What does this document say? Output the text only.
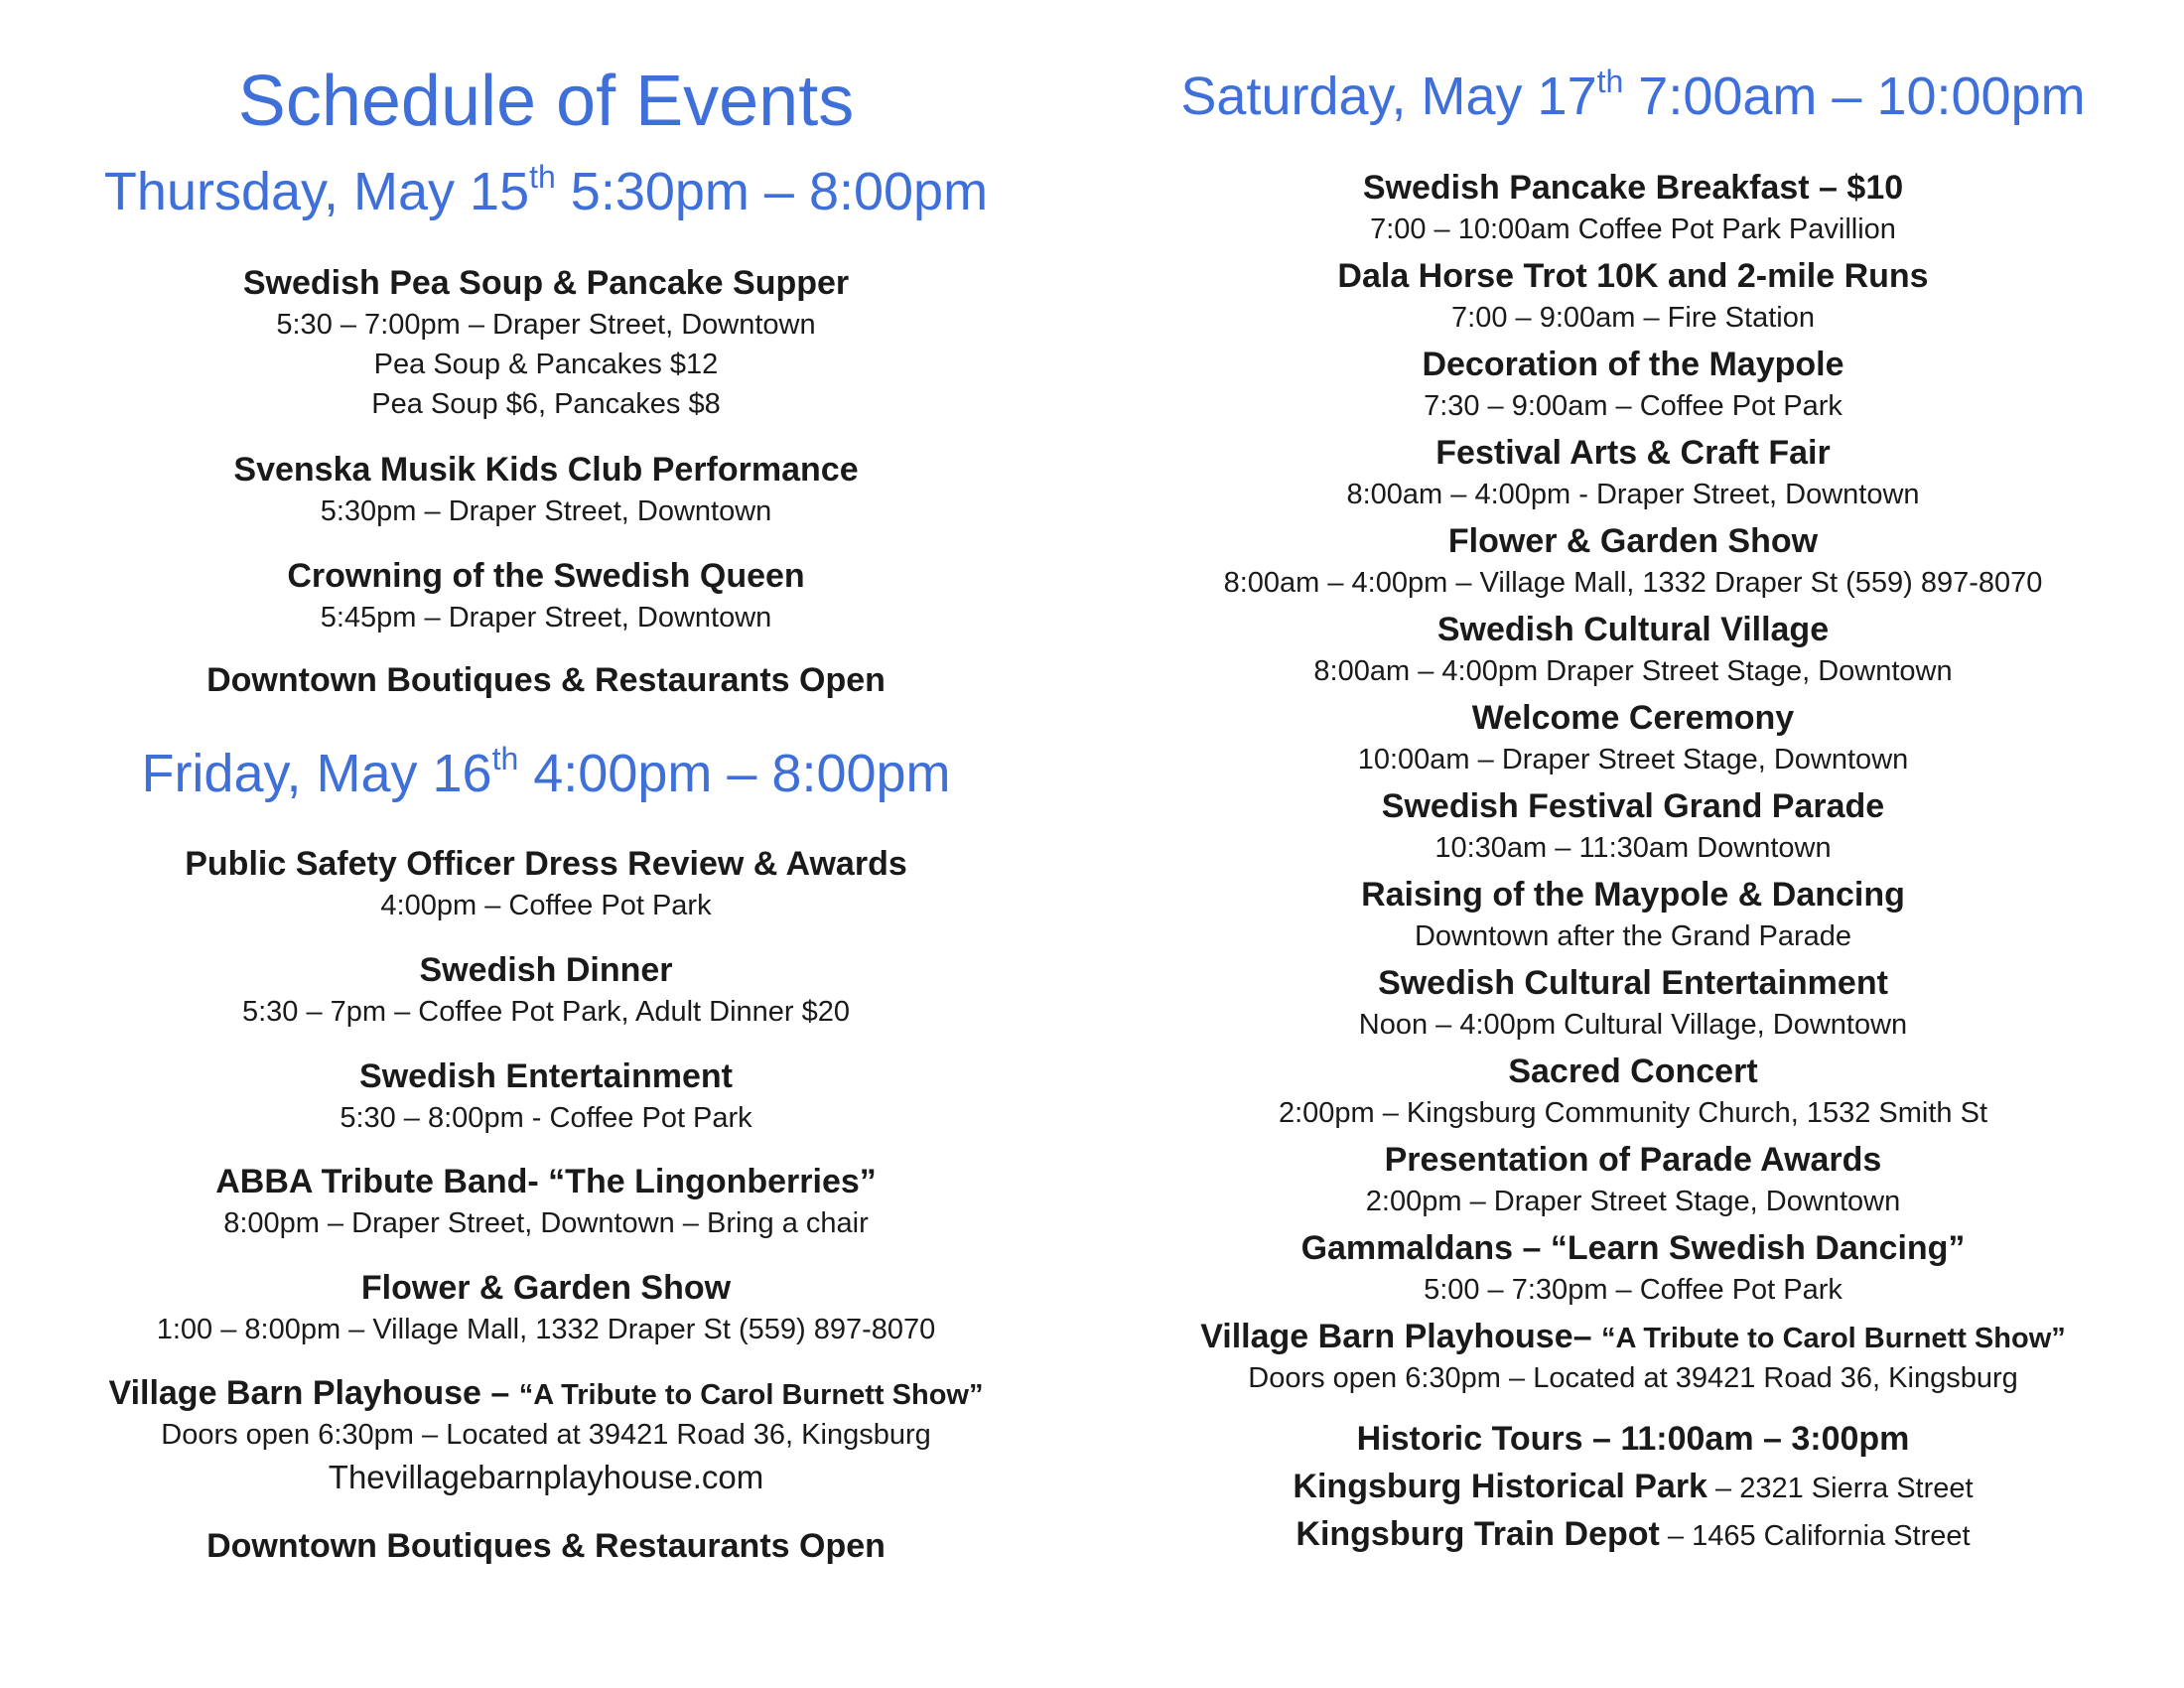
Schedule of Events
Thursday, May 15th 5:30pm – 8:00pm
Swedish Pea Soup & Pancake Supper
5:30 – 7:00pm – Draper Street, Downtown
Pea Soup & Pancakes $12
Pea Soup $6, Pancakes $8
Svenska Musik Kids Club Performance
5:30pm – Draper Street, Downtown
Crowning of the Swedish Queen
5:45pm – Draper Street, Downtown
Downtown Boutiques & Restaurants Open
Friday, May 16th 4:00pm – 8:00pm
Public Safety Officer Dress Review & Awards
4:00pm – Coffee Pot Park
Swedish Dinner
5:30 – 7pm – Coffee Pot Park, Adult Dinner $20
Swedish Entertainment
5:30 – 8:00pm - Coffee Pot Park
ABBA Tribute Band- “The Lingonberries”
8:00pm – Draper Street, Downtown – Bring a chair
Flower & Garden Show
1:00 – 8:00pm – Village Mall, 1332 Draper St (559) 897-8070
Village Barn Playhouse – “A Tribute to Carol Burnett Show”
Doors open 6:30pm – Located at 39421 Road 36, Kingsburg
Thevillagebarnplayhouse.com
Downtown Boutiques & Restaurants Open
Saturday, May 17th 7:00am – 10:00pm
Swedish Pancake Breakfast – $10
7:00 – 10:00am Coffee Pot Park Pavillion
Dala Horse Trot 10K and 2-mile Runs
7:00 – 9:00am – Fire Station
Decoration of the Maypole
7:30 – 9:00am – Coffee Pot Park
Festival Arts & Craft Fair
8:00am – 4:00pm - Draper Street, Downtown
Flower & Garden Show
8:00am – 4:00pm – Village Mall, 1332 Draper St (559) 897-8070
Swedish Cultural Village
8:00am – 4:00pm Draper Street Stage, Downtown
Welcome Ceremony
10:00am – Draper Street Stage, Downtown
Swedish Festival Grand Parade
10:30am – 11:30am Downtown
Raising of the Maypole & Dancing
Downtown after the Grand Parade
Swedish Cultural Entertainment
Noon – 4:00pm Cultural Village, Downtown
Sacred Concert
2:00pm – Kingsburg Community Church, 1532 Smith St
Presentation of Parade Awards
2:00pm – Draper Street Stage, Downtown
Gammaldans – “Learn Swedish Dancing”
5:00 – 7:30pm – Coffee Pot Park
Village Barn Playhouse– “A Tribute to Carol Burnett Show”
Doors open 6:30pm – Located at 39421 Road 36, Kingsburg
Historic Tours – 11:00am – 3:00pm
Kingsburg Historical Park – 2321 Sierra Street
Kingsburg Train Depot – 1465 California Street
